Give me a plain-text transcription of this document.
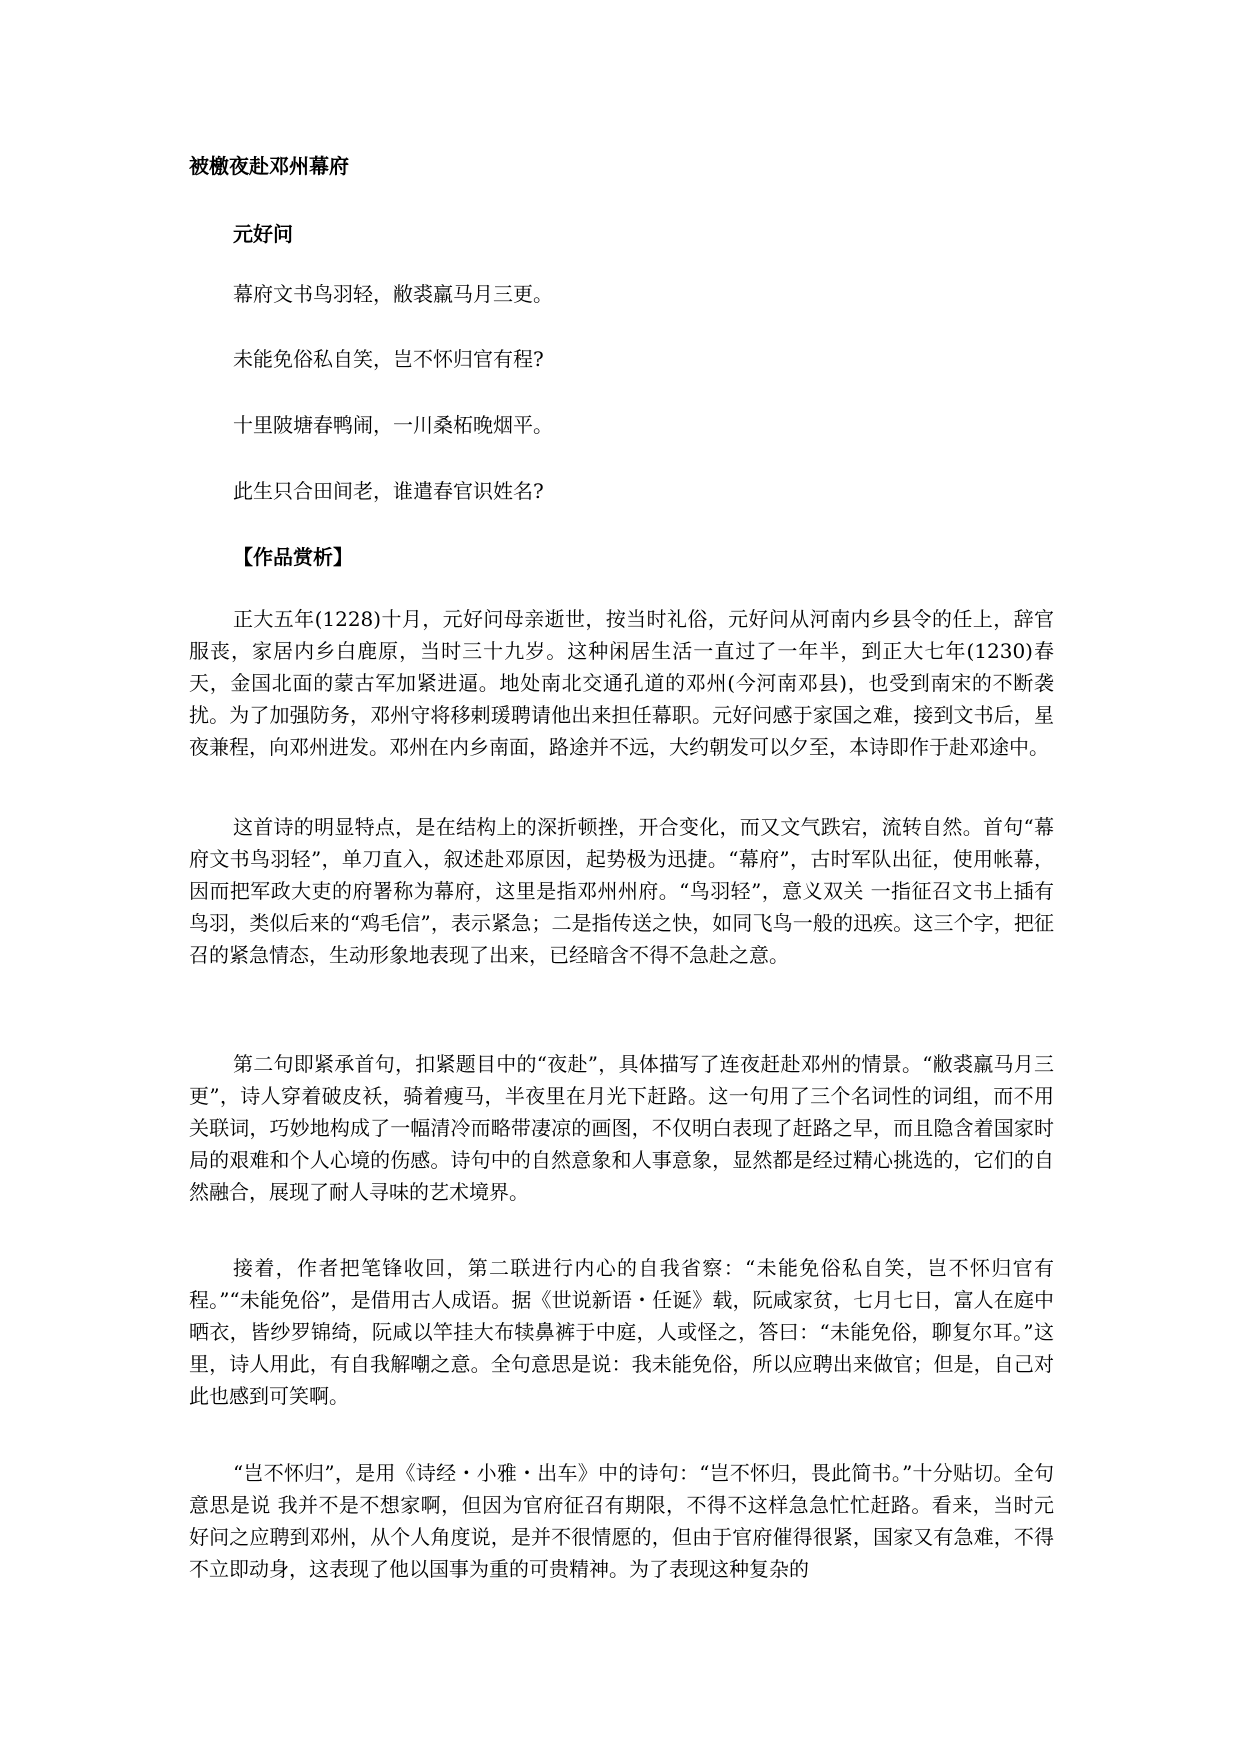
被檄夜赴邓州幕府
元好问

幕府文书鸟羽轻，敝裘羸马月三更。

未能免俗私自笑，岂不怀归官有程?

十里陂塘春鸭闹，一川桑柘晚烟平。

此生只合田间老，谁遣春官识姓名?

【作品赏析】

正大五年(1228)十月，元好问母亲逝世，按当时礼俗，元好问从河南内乡县令的任上，辞官服丧，家居内乡白鹿原，当时三十九岁。这种闲居生活一直过了一年半，到正大七年(1230)春天，金国北面的蒙古军加紧进逼。地处南北交通孔道的邓州(今河南邓县)，也受到南宋的不断袭扰。为了加强防务，邓州守将移剌瑗聘请他出来担任幕职。元好问感于家国之难，接到文书后，星夜兼程，向邓州进发。邓州在内乡南面，路途并不远，大约朝发可以夕至，本诗即作于赴邓途中。

这首诗的明显特点，是在结构上的深折顿挫，开合变化，而又文气跌宕，流转自然。首句“幕府文书鸟羽轻”，单刀直入，叙述赴邓原因，起势极为迅捷。“幕府”，古时军队出征，使用帐幕，因而把军政大吏的府署称为幕府，这里是指邓州州府。“鸟羽轻”，意义双关 一指征召文书上插有鸟羽，类似后来的“鸡毛信”，表示紧急；二是指传送之快，如同飞鸟一般的迅疾。这三个字，把征召的紧急情态，生动形象地表现了出来，已经暗含不得不急赴之意。

第二句即紧承首句，扣紧题目中的“夜赴”，具体描写了连夜赶赴邓州的情景。“敝裘羸马月三更”，诗人穿着破皮袄，骑着瘦马，半夜里在月光下赶路。这一句用了三个名词性的词组，而不用关联词，巧妙地构成了一幅清冷而略带凄凉的画图，不仅明白表现了赶路之早，而且隐含着国家时局的艰难和个人心境的伤感。诗句中的自然意象和人事意象，显然都是经过精心挑选的，它们的自然融合，展现了耐人寻味的艺术境界。

接着，作者把笔锋收回，第二联进行内心的自我省察：“未能免俗私自笑，岂不怀归官有程。”“未能免俗”，是借用古人成语。据《世说新语・任诞》载，阮咸家贫，七月七日，富人在庭中晒衣，皆纱罗锦绮，阮咸以竿挂大布犊鼻裤于中庭，人或怪之，答曰：“未能免俗，聊复尔耳。”这里，诗人用此，有自我解嘲之意。全句意思是说：我未能免俗，所以应聘出来做官；但是，自己对此也感到可笑啊。

“岂不怀归”，是用《诗经・小雅・出车》中的诗句：“岂不怀归，畏此简书。”十分贴切。全句意思是说 我并不是不想家啊，但因为官府征召有期限，不得不这样急急忙忙赶路。看来，当时元好问之应聘到邓州，从个人角度说，是并不很情愿的，但由于官府催得很紧，国家又有急难，不得不立即动身，这表现了他以国事为重的可贵精神。为了表现这种复杂的
